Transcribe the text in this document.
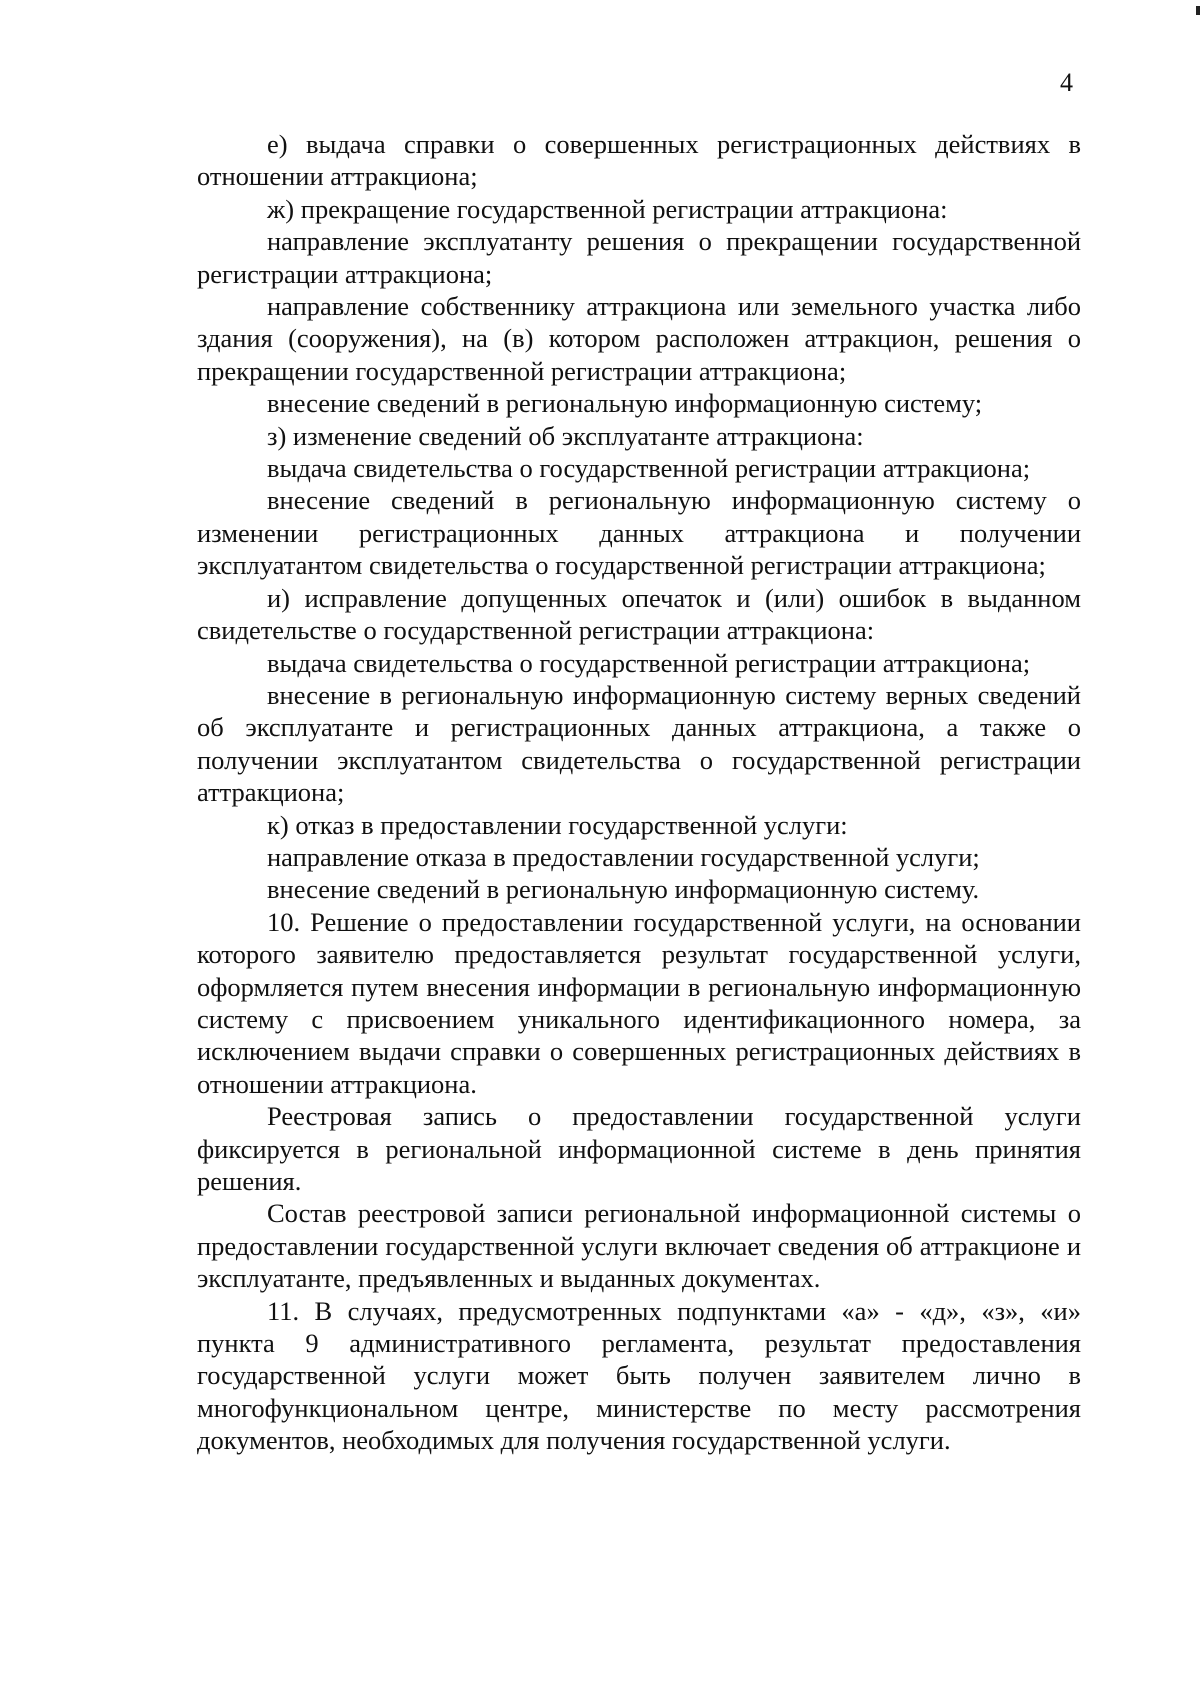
4

е) выдача справки о совершенных регистрационных действиях в отношении аттракциона;

ж) прекращение государственной регистрации аттракциона:

направление эксплуатанту решения о прекращении государственной регистрации аттракциона;

направление собственнику аттракциона или земельного участка либо здания (сооружения), на (в) котором расположен аттракцион, решения о прекращении государственной регистрации аттракциона;

внесение сведений в региональную информационную систему;

з) изменение сведений об эксплуатанте аттракциона:

выдача свидетельства о государственной регистрации аттракциона;

внесение сведений в региональную информационную систему о изменении регистрационных данных аттракциона и получении эксплуатантом свидетельства о государственной регистрации аттракциона;

и) исправление допущенных опечаток и (или) ошибок в выданном свидетельстве о государственной регистрации аттракциона:

выдача свидетельства о государственной регистрации аттракциона;

внесение в региональную информационную систему верных сведений об эксплуатанте и регистрационных данных аттракциона, а также о получении эксплуатантом свидетельства о государственной регистрации аттракциона;

к) отказ в предоставлении государственной услуги:

направление отказа в предоставлении государственной услуги;

внесение сведений в региональную информационную систему.

10. Решение о предоставлении государственной услуги, на основании которого заявителю предоставляется результат государственной услуги, оформляется путем внесения информации в региональную информационную систему с присвоением уникального идентификационного номера, за исключением выдачи справки о совершенных регистрационных действиях в отношении аттракциона.

Реестровая запись о предоставлении государственной услуги фиксируется в региональной информационной системе в день принятия решения.

Состав реестровой записи региональной информационной системы о предоставлении государственной услуги включает сведения об аттракционе и эксплуатанте, предъявленных и выданных документах.

11. В случаях, предусмотренных подпунктами «а» - «д», «з», «и» пункта 9 административного регламента, результат предоставления государственной услуги может быть получен заявителем лично в многофункциональном центре, министерстве по месту рассмотрения документов, необходимых для получения государственной услуги.
